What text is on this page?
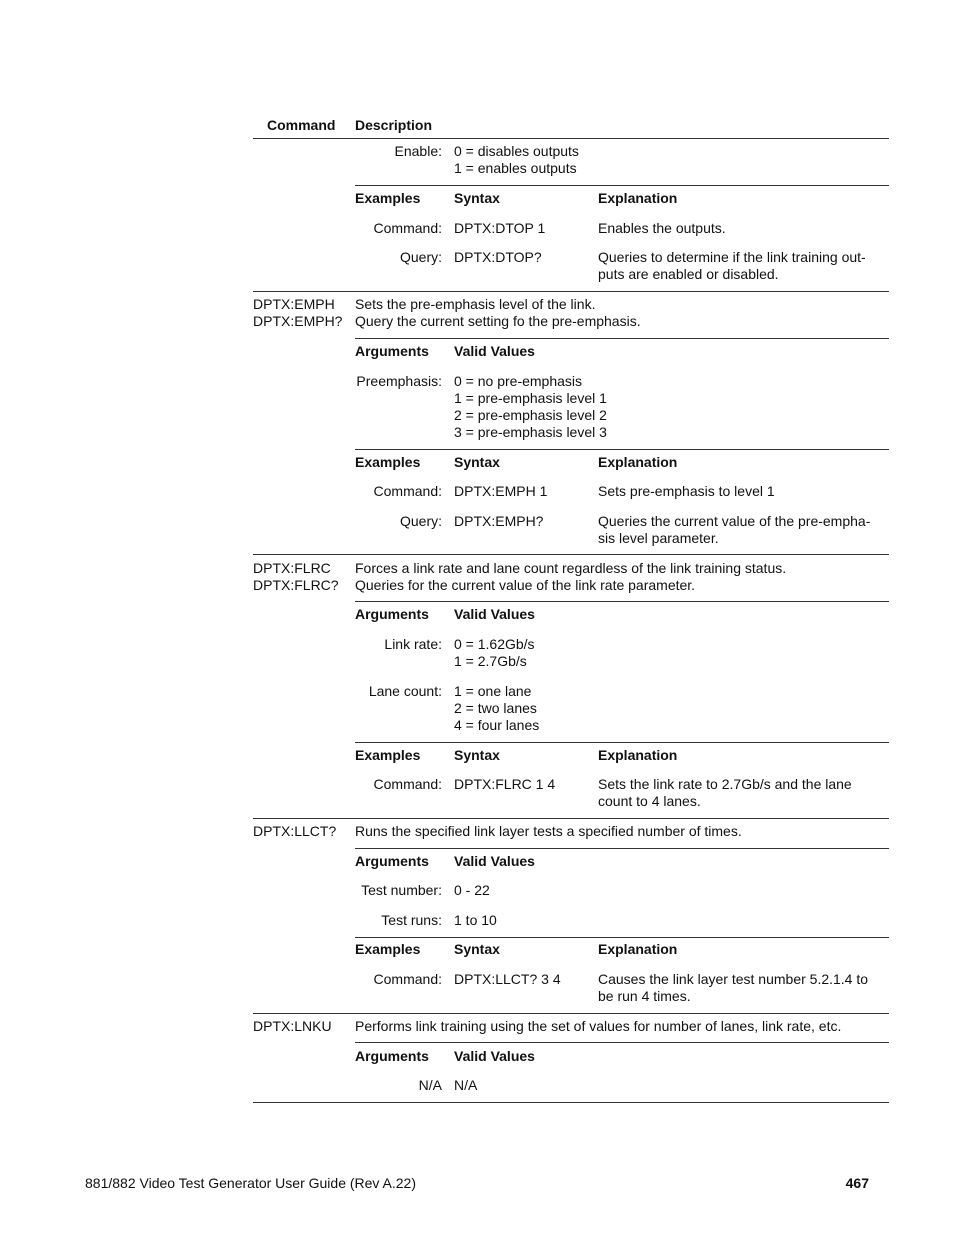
Command Description
Enable: 0 = disables outputs
1 = enables outputs
Examples Syntax	Explanation
Command: DPTX:DTOP 1	Enables the outputs.
Query: DPTX:DTOP?	Queries to determine if the link training out-
puts are enabled or disabled.
DPTX:EMPH
DPTX:EMPH?
Sets the pre-emphasis level of the link.
Query the current setting fo the pre-emphasis.
Arguments Valid Values
Preemphasis: 0 = no pre-emphasis
1 = pre-emphasis level 1
2 = pre-emphasis level 2
3 = pre-emphasis level 3
Examples Syntax	Explanation
Command: DPTX:EMPH 1	Sets pre-emphasis to level 1
Query: DPTX:EMPH?	Queries the current value of the pre-empha-
sis level parameter.
DPTX:FLRC
DPTX:FLRC?
Forces a link rate and lane count regardless of the link training status.
Queries for the current value of the link rate parameter.
Arguments Valid Values
Link rate: 0 = 1.62Gb/s
1 = 2.7Gb/s
Lane count: 1 = one lane
2 = two lanes
4 = four lanes
Examples Syntax	Explanation
Command: DPTX:FLRC 1 4	Sets the link rate to 2.7Gb/s and the lane
count to 4 lanes.
DPTX:LLCT? Runs the specified link layer tests a specified number of times.
Arguments Valid Values
Test number: 0 - 22
Test runs: 1 to 10
Examples Syntax	Explanation
Command: DPTX:LLCT? 3 4	Causes the link layer test number 5.2.1.4 to
be run 4 times.
DPTX:LNKU Performs link training using the set of values for number of lanes, link rate, etc.
Arguments Valid Values
N/A N/A
881/882 Video Test Generator User Guide (Rev A.22)	467
